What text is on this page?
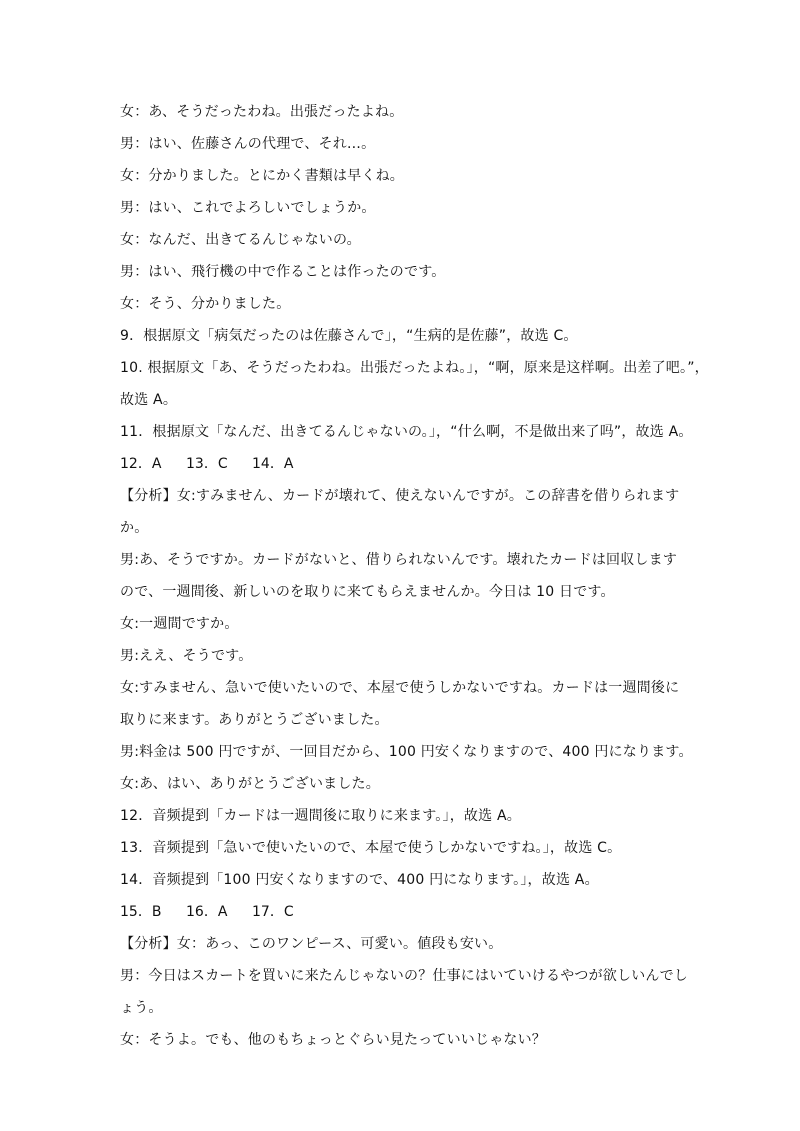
女：あ、そうだったわね。出張だったよね。
男：はい、佐藤さんの代理で、それ…。
女：分かりました。とにかく書類は早くね。
男：はい、これでよろしいでしょうか。
女：なんだ、出きてるんじゃないの。
男：はい、飛行機の中で作ることは作ったのです。
女：そう、分かりました。
9．根据原文「病気だったのは佐藤さんで」，“生病的是佐藤”，故选 C。
10. 根据原文「あ、そうだったわね。出張だったよね。」，“啊，原来是这样啊。出差了吧。”，
故选 A。
11．根据原文「なんだ、出きてるんじゃないの。」，“什么啊，不是做出来了吗”，故选 A。
12．A 13．C 14．A
【分析】女:すみません、カードが壊れて、使えないんですが。この辞書を借りられます
か。
男:あ、そうですか。カードがないと、借りられないんです。壊れたカードは回収します
ので、一週間後、新しいのを取りに来てもらえませんか。今日は 10 日です。
女:一週間ですか。
男:ええ、そうです。
女:すみません、急いで使いたいので、本屋で使うしかないですね。カードは一週間後に
取りに来ます。ありがとうございました。
男:料金は 500 円ですが、一回目だから、100 円安くなりますので、400 円になります。
女:あ、はい、ありがとうございました。
12．音频提到「カードは一週間後に取りに来ます。」，故选 A。
13．音频提到「急いで使いたいので、本屋で使うしかないですね。」，故选 C。
14．音频提到「100 円安くなりますので、400 円になります。」，故选 A。
15．B 16．A 17．C
【分析】女：あっ、このワンピース、可愛い。値段も安い。
男：今日はスカートを買いに来たんじゃないの？仕事にはいていけるやつが欲しいんでし
ょう。
女：そうよ。でも、他のもちょっとぐらい見たっていいじゃない？
